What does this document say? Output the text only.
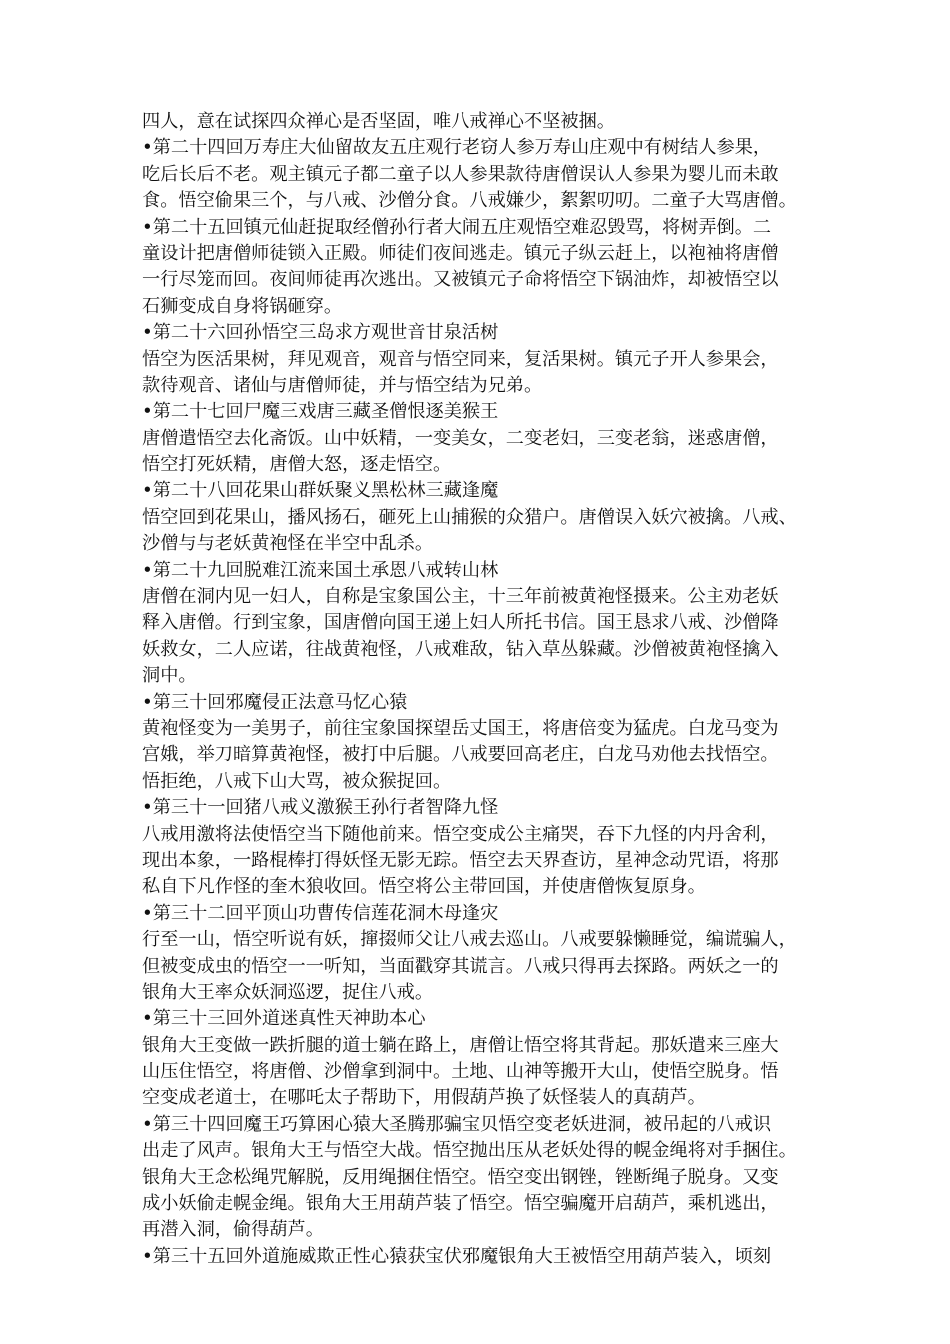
四人，意在试探四众禅心是否坚固，唯八戒禅心不坚被捆。
•第二十四回万寿庄大仙留故友五庄观行老窃人参万寿山庄观中有树结人参果，
吃后长后不老。观主镇元子都二童子以人参果款待唐僧误认人参果为婴儿而未敢
食。悟空偷果三个，与八戒、沙僧分食。八戒嫌少，絮絮叨叨。二童子大骂唐僧。
•第二十五回镇元仙赶捉取经僧孙行者大闹五庄观悟空难忍毁骂，将树弄倒。二
童设计把唐僧师徒锁入正殿。师徒们夜间逃走。镇元子纵云赶上，以袍袖将唐僧
一行尽笼而回。夜间师徒再次逃出。又被镇元子命将悟空下锅油炸，却被悟空以
石狮变成自身将锅砸穿。
•第二十六回孙悟空三岛求方观世音甘泉活树
悟空为医活果树，拜见观音，观音与悟空同来，复活果树。镇元子开人参果会，
款待观音、诸仙与唐僧师徒，并与悟空结为兄弟。
•第二十七回尸魔三戏唐三藏圣僧恨逐美猴王
唐僧遣悟空去化斋饭。山中妖精，一变美女，二变老妇，三变老翁，迷惑唐僧，
悟空打死妖精，唐僧大怒，逐走悟空。
•第二十八回花果山群妖聚义黑松林三藏逢魔
悟空回到花果山，播风扬石，砸死上山捕猴的众猎户。唐僧误入妖穴被擒。八戒、
沙僧与与老妖黄袍怪在半空中乱杀。
•第二十九回脱难江流来国土承恩八戒转山林
唐僧在洞内见一妇人，自称是宝象国公主，十三年前被黄袍怪摄来。公主劝老妖
释入唐僧。行到宝象，国唐僧向国王递上妇人所托书信。国王恳求八戒、沙僧降
妖救女，二人应诺，往战黄袍怪，八戒难敌，钻入草丛躲藏。沙僧被黄袍怪擒入
洞中。
•第三十回邪魔侵正法意马忆心猿
黄袍怪变为一美男子，前往宝象国探望岳丈国王，将唐倍变为猛虎。白龙马变为
宫娥，举刀暗算黄袍怪，被打中后腿。八戒要回高老庄，白龙马劝他去找悟空。
悟拒绝，八戒下山大骂，被众猴捉回。
•第三十一回猪八戒义激猴王孙行者智降九怪
八戒用激将法使悟空当下随他前来。悟空变成公主痛哭，吞下九怪的内丹舍利，
现出本象，一路棍棒打得妖怪无影无踪。悟空去天界查访，星神念动咒语，将那
私自下凡作怪的奎木狼收回。悟空将公主带回国，并使唐僧恢复原身。
•第三十二回平顶山功曹传信莲花洞木母逢灾
行至一山，悟空听说有妖，撺掇师父让八戒去巡山。八戒要躲懒睡觉，编谎骗人，
但被变成虫的悟空一一听知，当面戳穿其谎言。八戒只得再去探路。两妖之一的
银角大王率众妖洞巡逻，捉住八戒。
•第三十三回外道迷真性天神助本心
银角大王变做一跌折腿的道士躺在路上，唐僧让悟空将其背起。那妖遣来三座大
山压住悟空，将唐僧、沙僧拿到洞中。土地、山神等搬开大山，使悟空脱身。悟
空变成老道士，在哪吒太子帮助下，用假葫芦换了妖怪装人的真葫芦。
•第三十四回魔王巧算困心猿大圣腾那骗宝贝悟空变老妖进洞，被吊起的八戒识
出走了风声。银角大王与悟空大战。悟空抛出压从老妖处得的幌金绳将对手捆住。
银角大王念松绳咒解脱，反用绳捆住悟空。悟空变出钢锉，锉断绳子脱身。又变
成小妖偷走幌金绳。银角大王用葫芦装了悟空。悟空骗魔开启葫芦，乘机逃出，
再潜入洞，偷得葫芦。
•第三十五回外道施威欺正性心猿获宝伏邪魔银角大王被悟空用葫芦装入，顷刻
